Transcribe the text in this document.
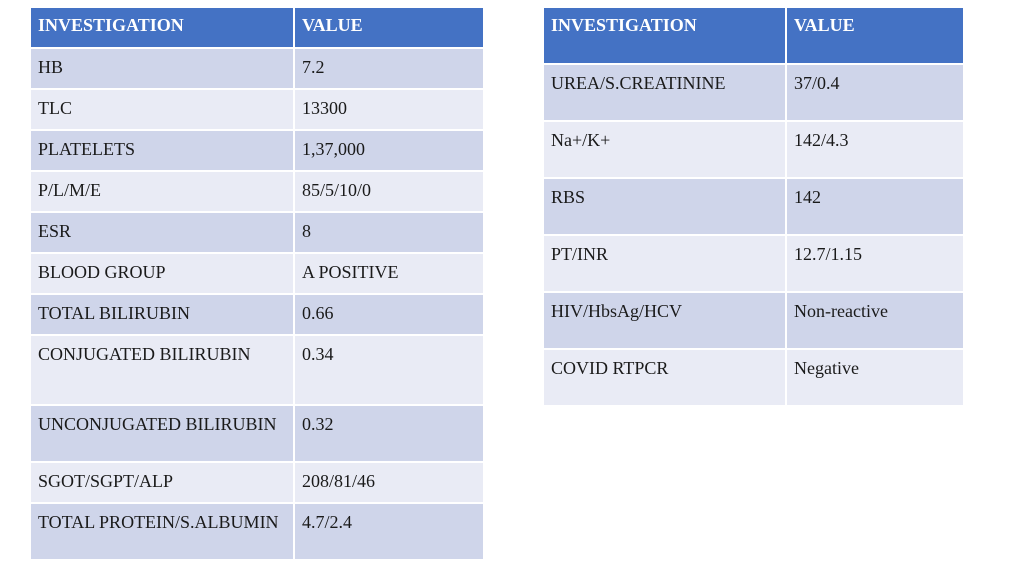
INVESTIGATION	VALUE
HB	7.2
TLC	13300
PLATELETS	1,37,000
P/L/M/E	85/5/10/0
ESR	8
BLOOD GROUP	A POSITIVE
TOTAL BILIRUBIN	0.66
CONJUGATED BILIRUBIN	0.34
UNCONJUGATED BILIRUBIN	0.32
SGOT/SGPT/ALP	208/81/46
TOTAL PROTEIN/S.ALBUMIN	4.7/2.4
INVESTIGATION	VALUE
UREA/S.CREATININE	37/0.4
Na+/K+	142/4.3
RBS	142
PT/INR	12.7/1.15
HIV/HbsAg/HCV	Non-reactive
COVID RTPCR	Negative
